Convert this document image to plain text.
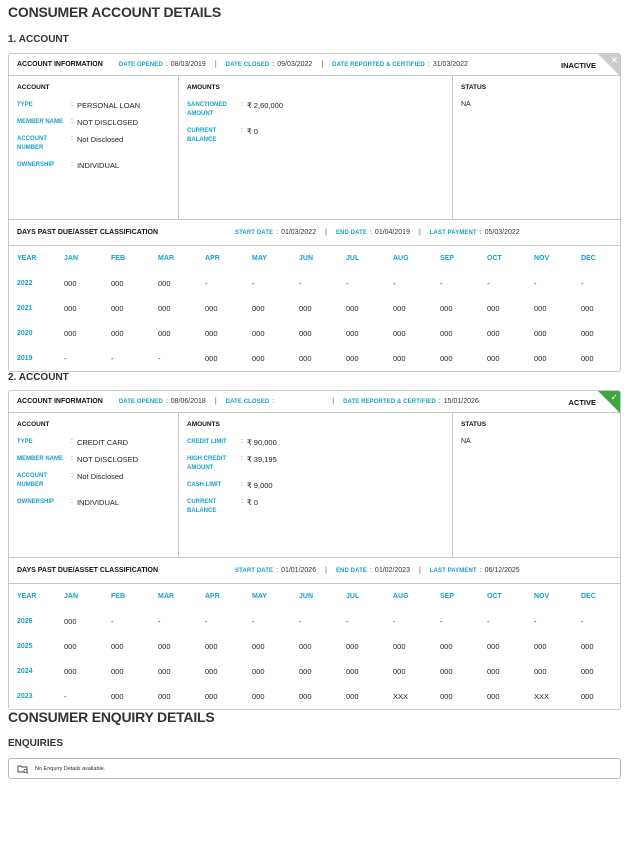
CONSUMER ACCOUNT DETAILS
1. ACCOUNT
ACCOUNT INFORMATION	DATE OPENED : 08/03/2019 | DATE CLOSED : 09/03/2022 | DATE REPORTED & CERTIFIED : 31/03/2022	INACTIVE
✕
ACCOUNT
TYPE	: PERSONAL LOAN
MEMBER NAME	: NOT DISCLOSED
ACCOUNT NUMBER
: Not Disclosed
OWNERSHIP	: INDIVIDUAL
AMOUNTS
SANCTIONED AMOUNT
: ₹ 2,60,000
CURRENT BALANCE
: ₹ 0
STATUS
NA
DAYS PAST DUE/ASSET CLASSIFICATION	START DATE : 01/03/2022 | END DATE : 01/04/2019 | LAST PAYMENT : 05/03/2022
YEAR	JAN	FEB	MAR	APR	MAY	JUN	JUL	AUG	SEP	OCT	NOV	DEC
2022	000	000	000	-	-	-	-	-	-	-	-	-
2021	000	000	000	000	000	000	000	000	000	000	000	000
2020	000	000	000	000	000	000	000	000	000	000	000	000
2019	-	-	-	000	000	000	000	000	000	000	000	000
2. ACCOUNT
ACCOUNT INFORMATION	DATE OPENED : 08/06/2018 | DATE CLOSED :	| DATE REPORTED & CERTIFIED : 15/01/2026	ACTIVE
✓
ACCOUNT
TYPE	: CREDIT CARD
MEMBER NAME	: NOT DISCLOSED
ACCOUNT NUMBER
: Not Disclosed
OWNERSHIP	: INDIVIDUAL
AMOUNTS
CREDIT LIMIT	: ₹ 90,000
HIGH CREDIT AMOUNT
: ₹ 39,195
CASH LIMIT	: ₹ 9,000
CURRENT BALANCE
: ₹ 0
STATUS
NA
DAYS PAST DUE/ASSET CLASSIFICATION	START DATE : 01/01/2026 | END DATE : 01/02/2023 | LAST PAYMENT : 06/12/2025
YEAR	JAN	FEB	MAR	APR	MAY	JUN	JUL	AUG	SEP	OCT	NOV	DEC
2026	000	-	-	-	-	-	-	-	-	-	-	-
2025	000	000	000	000	000	000	000	000	000	000	000	000
2024	000	000	000	000	000	000	000	000	000	000	000	000
2023	-	000	000	000	000	000	000	XXX	000	000	XXX	000
CONSUMER ENQUIRY DETAILS
ENQUIRIES
No Enquiry Details available.
